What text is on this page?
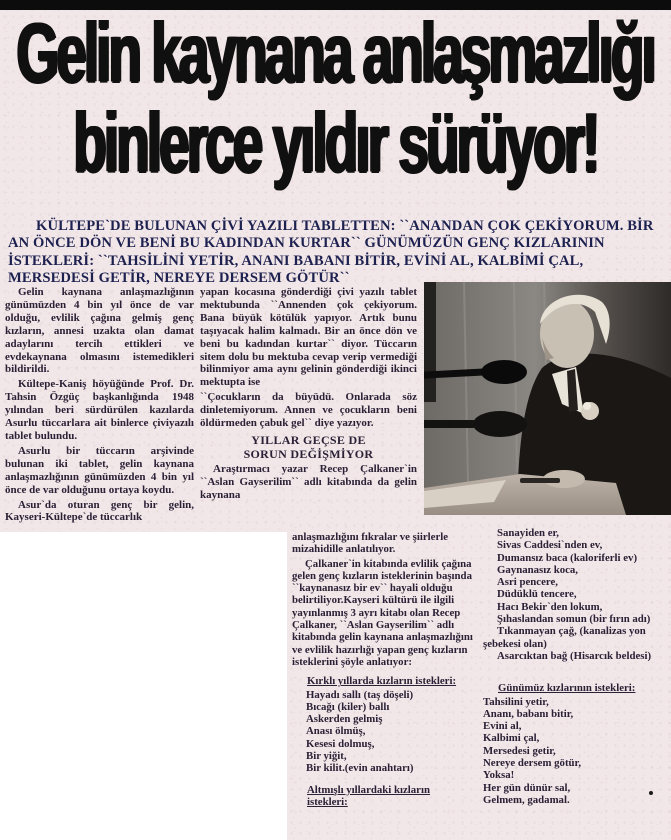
Gelin kaynana anlaşmazlığı
binlerce yıldır sürüyor!

KÜLTEPE`DE BULUNAN ÇİVİ YAZILI TABLETTEN: ``ANANDAN ÇOK ÇEKİYORUM. BİR AN ÖNCE DÖN VE BENİ BU KADINDAN KURTAR`` GÜNÜMÜZÜN GENÇ KIZLARININ İSTEKLERİ: ``TAHSİLİNİ YETİR, ANANI BABANI BİTİR, EVİNİ AL, KALBİMİ ÇAL, MERSEDESİ GETİR, NEREYE DERSEM GÖTÜR``

Gelin kaynana anlaşmazlığının günümüzden 4 bin yıl önce de var olduğu, evlilik çağına gelmiş genç kızların, annesi uzakta olan damat adaylarını tercih ettikleri ve evdekaynana olmasını istemedikleri bildirildi.

Kültepe-Kaniş höyüğünde Prof. Dr. Tahsin Özgüç başkanlığında 1948 yılından beri sürdürülen kazılarda Asurlu tüccarlara ait binlerce çiviyazılı tablet bulundu.

Asurlu bir tüccarın arşivinde bulunan iki tablet, gelin kaynana anlaşmazlığının günümüzden 4 bin yıl önce de var olduğunu ortaya koydu.

Asur`da oturan genç bir gelin, Kayseri-Kültepe`de tüccarlık

yapan kocasına gönderdiği çivi yazılı tablet mektubunda ``Annenden çok çekiyorum. Bana büyük kötülük yapıyor. Artık bunu taşıyacak halim kalmadı. Bir an önce dön ve beni bu kadından kurtar`` diyor. Tüccarın sitem dolu bu mektuba cevap verip vermediği bilinmiyor ama aynı gelinin gönderdiği ikinci mektupta ise

``Çocukların da büyüdü. Onlarada söz dinletemiyorum. Annen ve çocukların beni öldürmeden çabuk gel`` diye yazıyor.

YILLAR GEÇSE DE
SORUN DEĞİŞMİYOR

Araştırmacı yazar Recep Çalkaner`in ``Aslan Gayserilim`` adlı kitabında da gelin kaynana

anlaşmazlığını fıkralar ve şiirlerle mizahidille anlatılıyor.

Çalkaner`in kitabında evlilik çağına gelen genç kızların isteklerinin başında ``kaynanasız bir ev`` hayali olduğu belirtiliyor.Kayseri kültürü ile ilgili yayınlanmış 3 ayrı kitabı olan Recep Çalkaner, ``Aslan Gayserilim`` adlı kitabında gelin kaynana anlaşmazlığını ve evlilik hazırlığı yapan genç kızların isteklerini şöyle anlatıyor:

Kırklı yıllarda kızların istekleri:
Hayadı sallı (taş döşeli)
Bıcağı (kiler) ballı
Askerden gelmiş
Anası ölmüş,
Kesesi dolmuş,
Bir yiğit,
Bir kilit.(evin anahtarı)
Altmışlı yıllardaki kızların istekleri:
Sanayiden er,
Sivas Caddesi`nden ev,
Dumansız baca (kaloriferli ev)
Gaynanasız koca,
Asri pencere,
Düdüklü tencere,
Hacı Bekir`den lokum,
Şıhaslandan somun (bir fırın adı)
Tıkanmayan çağ, (kanalizas yon şebekesi olan)
Asarcıktan bağ (Hisarcık beldesi)
Günümüz kızlarının istekleri:
Tahsilini yetir,
Ananı, babanı bitir,
Evini al,
Kalbimi çal,
Mersedesi getir,
Nereye dersem götür,
Yoksa!
Her gün dünür sal,
Gelmem, gadamal.
